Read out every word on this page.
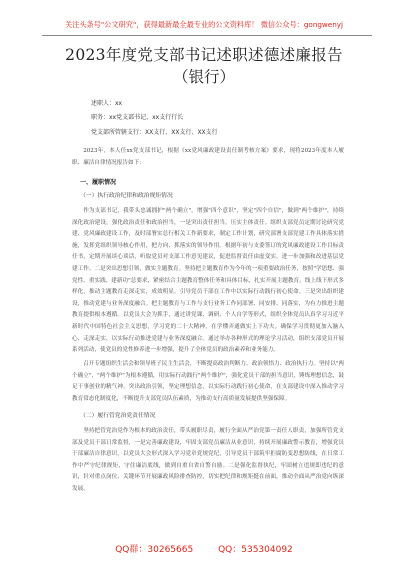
关注头条号"公文研究"，获得最新最全最专业的公文资料库！ 微信公众号：gongwenyj
2023年度党支部书记述职述德述廉报告
（银行）
述职人：xx
职务：xx党支部书记、xx支行行长
党支部所管辖支行：XX支行、XX支行、XX支行
2023年，本人任xx党支部书记，根据《xx党风廉政建设责任制考核方案》要求，现将2023年度本人履职、廉洁自律情况报告如下：
一、履职情况
（一）执行政治纪律和政治规矩情况
作为支部书记，我带头忠诚拥护"两个确立"，增强"四个意识"，坚定"四个自信"，做到"两个维护"，持续深化政治建设，强化政治责任和政治担当，一是突出责任担当，压实主体责任。组织支部党员定期讨论研究党建、党风廉政建设工作，及时部署实总行相关工作新要求，制定工作计划，研究部署支部党建工作具体落实措施，发挥党组织领导核心作用，把方向、抓落实的领导作用。根据年初与支委签订的党风廉政建设工作目标责任书，定期开展谈心谈话，听取党员对支部工作意见建议，促进监督责任由虚变实。进一步加强和改进基层党建工作。二是突出思想引领，做实主题教育。坚持把主题教育作为今年的一项重要政治任务，按照"学思想、强党性、重实践、建新功"总要求，紧密结合主题教育整体任务和具体目标，扎实开展主题教育，线上线下形式多样化，推动主题教育走深走实，成效明显。引导党员干部在工作中以实际行动践行初心使命。三是突出组织建设，推动党建与业务深度融合。把主题教育与工作与支行业务工作同部署、同安排、同落实，为有力推进主题教育提供根本遵循。以党员大会为抓手，通过讲党课、调研、个人自学等形式，组织全体党员认真学习习近平新时代中国特色社会主义思想，学习党的二十大精神，在学懂弄通做实上下功夫。确保学习贯彻更加入脑入心、走深走实，以实际行动推进党建与业务深度融合。通过举办各种形式的理论学习活动，组织支部党员开展系列活动，使党员的党性修养进一步增强，提升了全体党员的政治素养和业务能力。
召开专题组织生活会和领导班子民主生活会，不断提高政治判断力、政治领悟力、政治执行力。坚持以"两个确立"、"两个维护"为根本遵循，用实际行动践行"两个维护"，强化党员干部的担当意识，锤炼理想信念，鼓足干事创业的精气神。突出政治引领，坚定理想信念，以实际行动践行初心使命，在支部建设中深入推动学习教育常态化制度化，不断提升支部党员队伍素质，为推动支行高质量发展提供坚强保障。
（二）履行管党治党责任情况
坚持把管党治党作为根本的政治责任，带头履职尽责，履行全面从严治党第一责任人职责，加强所管党支部及党员干部日常监督，一是完善廉政建设，牢固支部党员廉洁从业意识，持续开展廉政警示教育，增强党员干部廉洁自律意识。以党员大会形式深入学习党章党规党纪，引导党员干部筑牢拒腐防变思想防线，在日常工作中严守纪律规矩，守住廉洁底线，做到自重自省自警自励。二是强化监督执纪，牢固树立违规即违纪的意识，针对重点岗位、关键环节开展廉政风险排查防控，切实把纪律和规矩挺在前面，推动全面从严治党向纵深发展。
QQ群：30265665	QQ：535304092
